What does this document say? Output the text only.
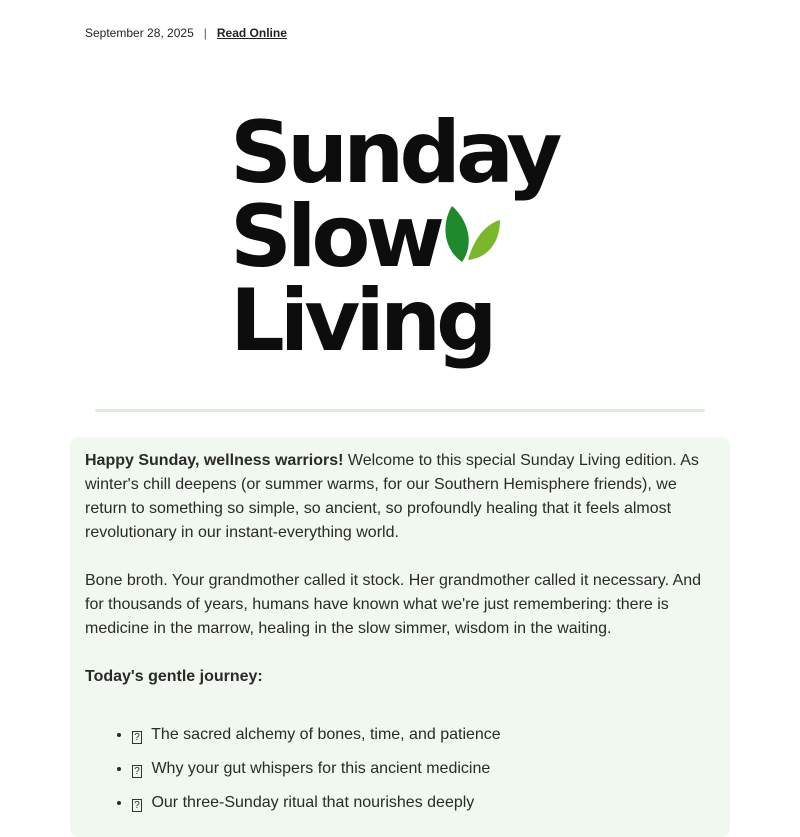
September 28, 2025 | Read Online
Sunday
Slow
Living

Happy Sunday, wellness warriors! Welcome to this special Sunday Living edition. As winter's chill deepens (or summer warms, for our Southern Hemisphere friends), we return to something so simple, so ancient, so profoundly healing that it feels almost revolutionary in our instant-everything world.

Bone broth. Your grandmother called it stock. Her grandmother called it necessary. And for thousands of years, humans have known what we're just remembering: there is medicine in the marrow, healing in the slow simmer, wisdom in the waiting.

Today's gentle journey:

• ? The sacred alchemy of bones, time, and patience
• ? Why your gut whispers for this ancient medicine
• ? Our three-Sunday ritual that nourishes deeply
